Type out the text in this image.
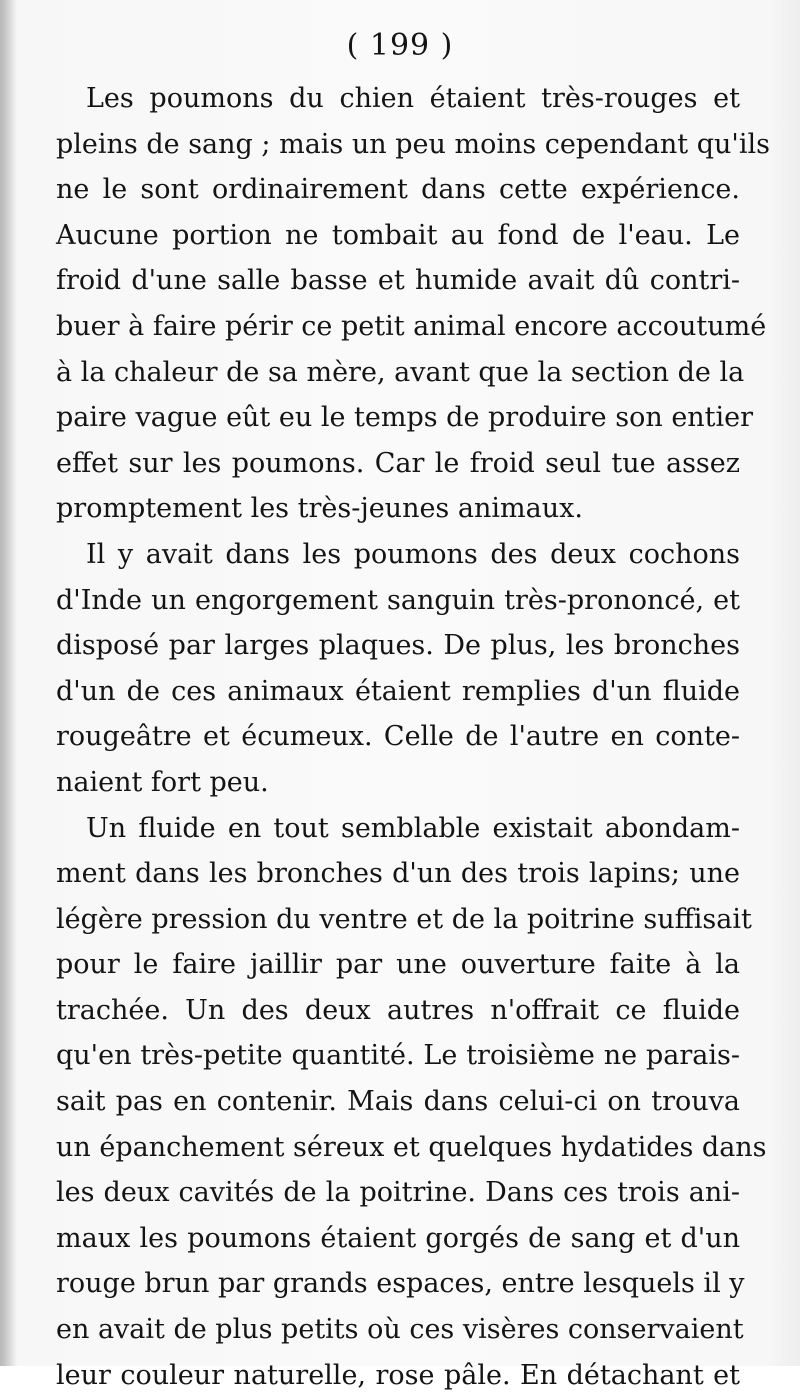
( 199 )
Les poumons du chien étaient très-rouges et
pleins de sang ; mais un peu moins cependant qu'ils
ne le sont ordinairement dans cette expérience.
Aucune portion ne tombait au fond de l'eau. Le
froid d'une salle basse et humide avait dû contri-
buer à faire périr ce petit animal encore accoutumé
à la chaleur de sa mère, avant que la section de la
paire vague eût eu le temps de produire son entier
effet sur les poumons. Car le froid seul tue assez
promptement les très-jeunes animaux.
Il y avait dans les poumons des deux cochons
d'Inde un engorgement sanguin très-prononcé, et
disposé par larges plaques. De plus, les bronches
d'un de ces animaux étaient remplies d'un fluide
rougeâtre et écumeux. Celle de l'autre en conte-
naient fort peu.
Un fluide en tout semblable existait abondam-
ment dans les bronches d'un des trois lapins; une
légère pression du ventre et de la poitrine suffisait
pour le faire jaillir par une ouverture faite à la
trachée. Un des deux autres n'offrait ce fluide
qu'en très-petite quantité. Le troisième ne parais-
sait pas en contenir. Mais dans celui-ci on trouva
un épanchement séreux et quelques hydatides dans
les deux cavités de la poitrine. Dans ces trois ani-
maux les poumons étaient gorgés de sang et d'un
rouge brun par grands espaces, entre lesquels il y
en avait de plus petits où ces visères conservaient
leur couleur naturelle, rose pâle. En détachant et
